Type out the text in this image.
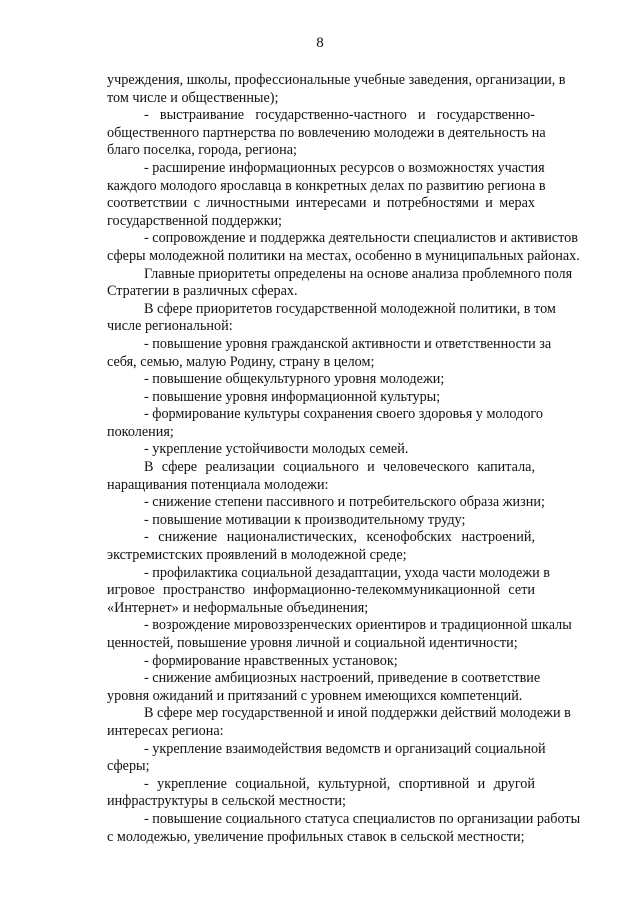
8
учреждения, школы, профессиональные учебные заведения, организации, в
том числе и общественные);
- выстраивание государственно-частного и государственно-
общественного партнерства по вовлечению молодежи в деятельность на
благо поселка, города, региона;
- расширение информационных ресурсов о возможностях участия
каждого молодого ярославца в конкретных делах по развитию региона в
соответствии с личностными интересами и потребностями и мерах
государственной поддержки;
- сопровождение и поддержка деятельности специалистов и активистов
сферы молодежной политики на местах, особенно в муниципальных районах.
Главные приоритеты определены на основе анализа проблемного поля
Стратегии в различных сферах.
В сфере приоритетов государственной молодежной политики, в том
числе региональной:
- повышение уровня гражданской активности и ответственности за
себя, семью, малую Родину, страну в целом;
- повышение общекультурного уровня молодежи;
- повышение уровня информационной культуры;
- формирование культуры сохранения своего здоровья у молодого
поколения;
- укрепление устойчивости молодых семей.
В сфере реализации социального и человеческого капитала,
наращивания потенциала молодежи:
- снижение степени пассивного и потребительского образа жизни;
- повышение мотивации к производительному труду;
- снижение националистических, ксенофобских настроений,
экстремистских проявлений в молодежной среде;
- профилактика социальной дезадаптации, ухода части молодежи в
игровое пространство информационно-телекоммуникационной сети
«Интернет» и неформальные объединения;
- возрождение мировоззренческих ориентиров и традиционной шкалы
ценностей, повышение уровня личной и социальной идентичности;
- формирование нравственных установок;
- снижение амбициозных настроений, приведение в соответствие
уровня ожиданий и притязаний с уровнем имеющихся компетенций.
В сфере мер государственной и иной поддержки действий молодежи в
интересах региона:
- укрепление взаимодействия ведомств и организаций социальной
сферы;
- укрепление социальной, культурной, спортивной и другой
инфраструктуры в сельской местности;
- повышение социального статуса специалистов по организации работы
с молодежью, увеличение профильных ставок в сельской местности;
